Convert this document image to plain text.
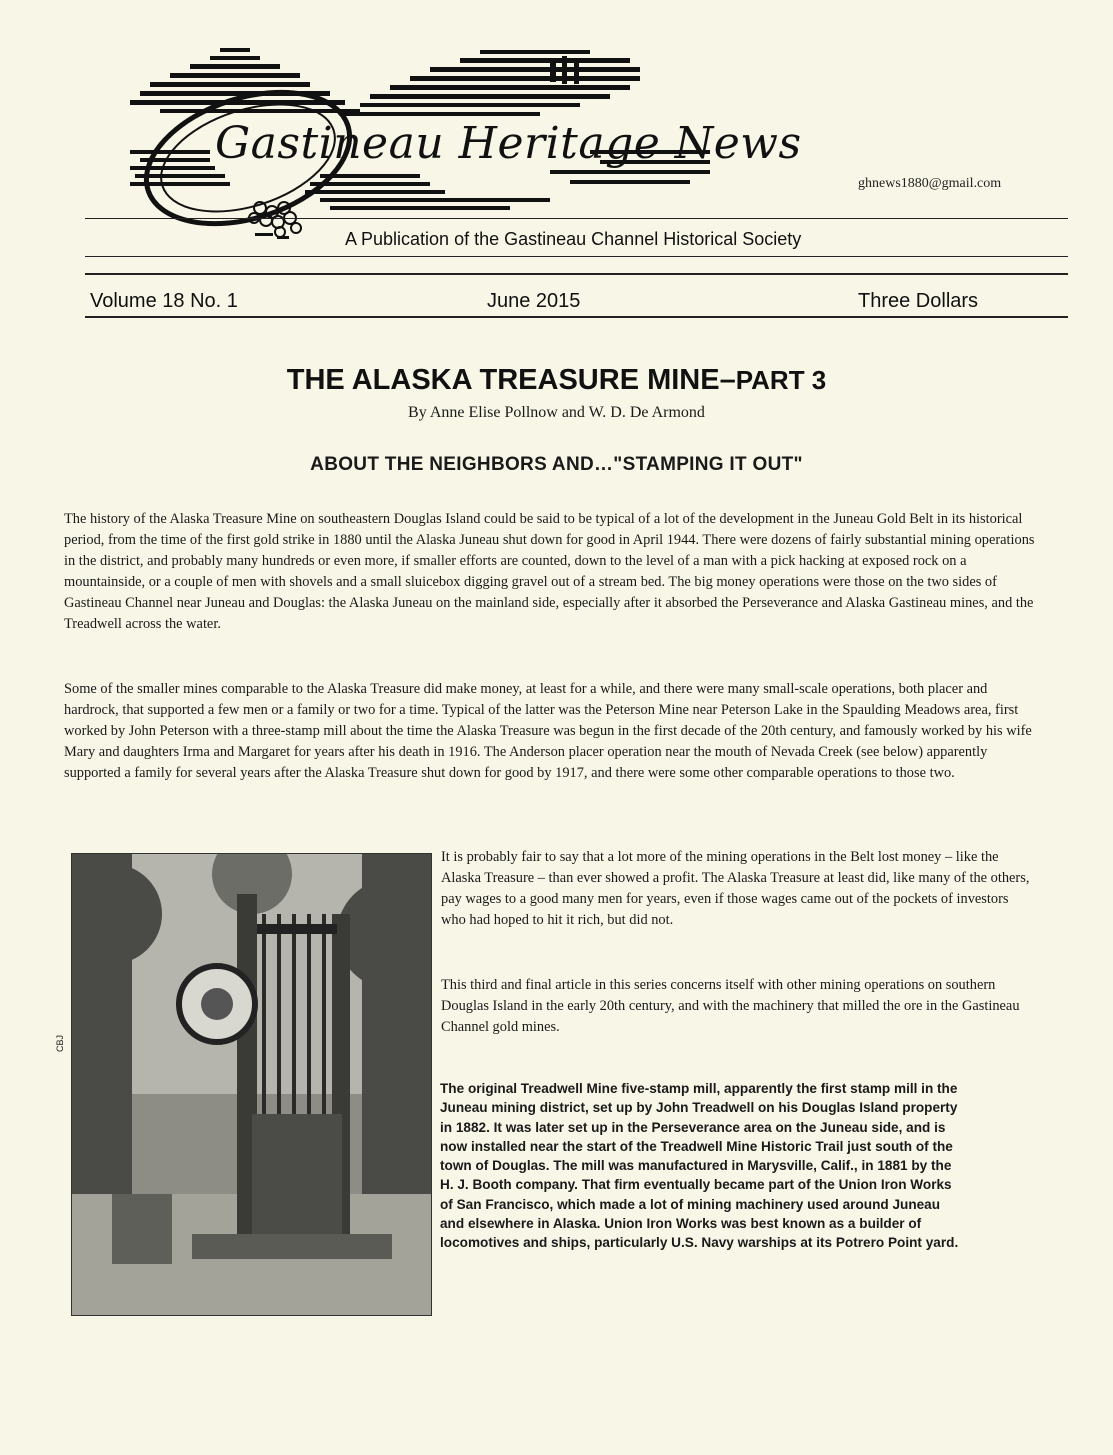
Gastineau Heritage News
ghnews1880@gmail.com
A Publication of the Gastineau Channel Historical Society
Volume 18 No. 1	June 2015	Three Dollars
THE ALASKA TREASURE MINE–PART 3
By Anne Elise Pollnow and W. D. De Armond
ABOUT THE NEIGHBORS AND…"STAMPING IT OUT"
The history of the Alaska Treasure Mine on southeastern Douglas Island could be said to be typical of a lot of the development in the Juneau Gold Belt in its historical period, from the time of the first gold strike in 1880 until the Alaska Juneau shut down for good in April 1944. There were dozens of fairly substantial mining operations in the district, and probably many hundreds or even more, if smaller efforts are counted, down to the level of a man with a pick hacking at exposed rock on a mountainside, or a couple of men with shovels and a small sluicebox digging gravel out of a stream bed. The big money operations were those on the two sides of Gastineau Channel near Juneau and Douglas: the Alaska Juneau on the mainland side, especially after it absorbed the Perseverance and Alaska Gastineau mines, and the Treadwell across the water.
Some of the smaller mines comparable to the Alaska Treasure did make money, at least for a while, and there were many small-scale operations, both placer and hardrock, that supported a few men or a family or two for a time. Typical of the latter was the Peterson Mine near Peterson Lake in the Spaulding Meadows area, first worked by John Peterson with a three-stamp mill about the time the Alaska Treasure was begun in the first decade of the 20th century, and famously worked by his wife Mary and daughters Irma and Margaret for years after his death in 1916. The Anderson placer operation near the mouth of Nevada Creek (see below) apparently supported a family for several years after the Alaska Treasure shut down for good by 1917, and there were some other comparable operations to those two.
CBJ
It is probably fair to say that a lot more of the mining operations in the Belt lost money – like the Alaska Treasure – than ever showed a profit. The Alaska Treasure at least did, like many of the others, pay wages to a good many men for years, even if those wages came out of the pockets of investors who had hoped to hit it rich, but did not.
This third and final article in this series concerns itself with other mining operations on southern Douglas Island in the early 20th century, and with the machinery that milled the ore in the Gastineau Channel gold mines.
The original Treadwell Mine five-stamp mill, apparently the first stamp mill in the Juneau mining district, set up by John Treadwell on his Douglas Island property in 1882. It was later set up in the Perseverance area on the Juneau side, and is now installed near the start of the Treadwell Mine Historic Trail just south of the town of Douglas. The mill was manufactured in Marysville, Calif., in 1881 by the H. J. Booth company. That firm eventually became part of the Union Iron Works of San Francisco, which made a lot of mining machinery used around Juneau and elsewhere in Alaska. Union Iron Works was best known as a builder of locomotives and ships, particularly U.S. Navy warships at its Potrero Point yard.
